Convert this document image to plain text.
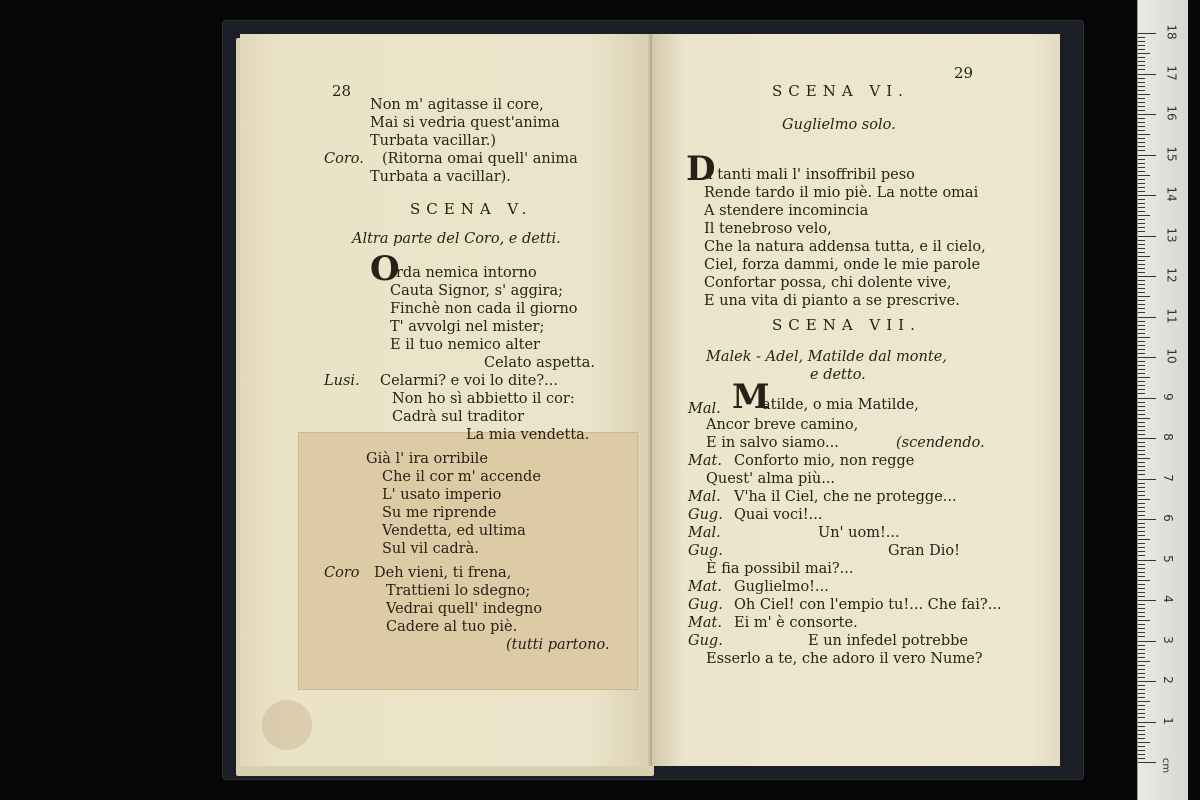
28
Non m' agitasse il core,
Mai si vedria quest'anima
Turbata vacillar.)
Coro. (Ritorna omai quell' anima
Turbata a vacillar).
SCENA V.
Altra parte del Coro, e detti.
O
rda nemica intorno
Cauta Signor, s' aggira;
Finchè non cada il giorno
T' avvolgi nel mister;
E il tuo nemico alter
Celato aspetta.
Lusi. Celarmi? e voi lo dite?...
Non ho sì abbietto il cor:
Cadrà sul traditor
La mia vendetta.
Già l' ira orribile
Che il cor m' accende
L' usato imperio
Su me riprende
Vendetta, ed ultima
Sul vil cadrà.
Coro Deh vieni, ti frena,
Trattieni lo sdegno;
Vedrai quell' indegno
Cadere al tuo piè.
(tutti partono.
29
SCENA VI.
Guglielmo solo.
D
i tanti mali l' insoffribil peso
Rende tardo il mio piè. La notte omai
A stendere incomincia
Il tenebroso velo,
Che la natura addensa tutta, e il cielo,
Ciel, forza dammi, onde le mie parole
Confortar possa, chi dolente vive,
E una vita di pianto a se prescrive.
SCENA VII.
Malek - Adel, Matilde dal monte,
e detto.
Mal. M
atilde, o mia Matilde,
Ancor breve camino,
E in salvo siamo...	(scendendo.
Mat. Conforto mio, non regge
Quest' alma più...
Mal. V'ha il Ciel, che ne protegge...
Gug. Quai voci!...
Mal.	Un' uom!...
Gug.	Gran Dio!
È fia possibil mai?...
Mat. Guglielmo!...
Gug. Oh Ciel! con l'empio tu!... Che fai?...
Mat. Ei m' è consorte.
Gug.	E un infedel potrebbe
Esserlo a te, che adoro il vero Nume?
cm
1
2
3
4
5
6
7
8
9
10
11
12
13
14
15
16
17
18
